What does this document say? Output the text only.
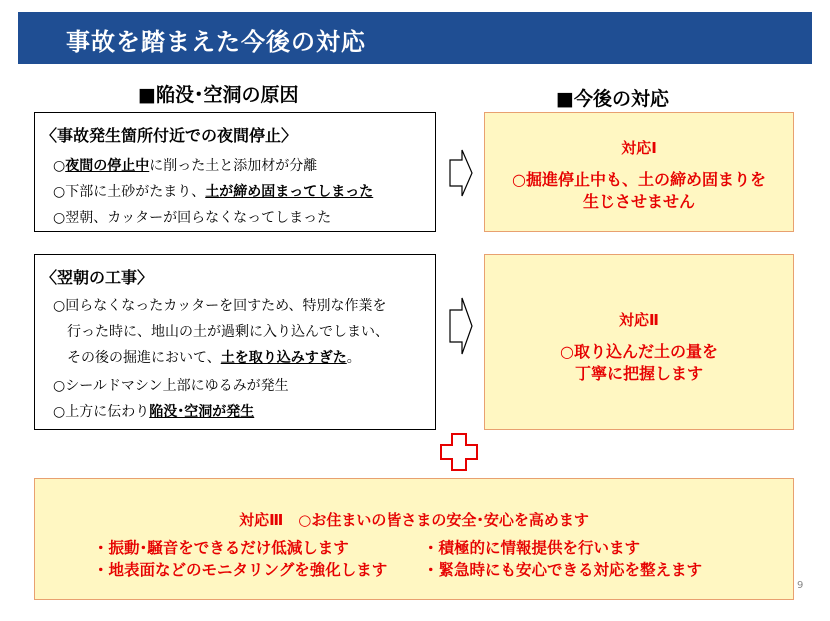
事故を踏まえた今後の対応
■陥没･空洞の原因	■今後の対応
〈事故発生箇所付近での夜間停止〉
○夜間の停止中に削った土と添加材が分離
○下部に土砂がたまり、土が締め固まってしまった
○翌朝、カッターが回らなくなってしまった
〈翌朝の工事〉
○回らなくなったカッターを回すため、特別な作業を
行った時に、地山の土が過剰に入り込んでしまい、
その後の掘進において、土を取り込みすぎた。
○シールドマシン上部にゆるみが発生
○上方に伝わり陥没･空洞が発生
対応Ⅰ
○掘進停止中も、土の締め固まりを
生じさせません
対応Ⅱ
○取り込んだ土の量を
丁寧に把握します
対応Ⅲ　○お住まいの皆さまの安全･安心を高めます
・振動･騒音をできるだけ低減します	・積極的に情報提供を行います
・地表面などのモニタリングを強化します ・緊急時にも安心できる対応を整えます
9
